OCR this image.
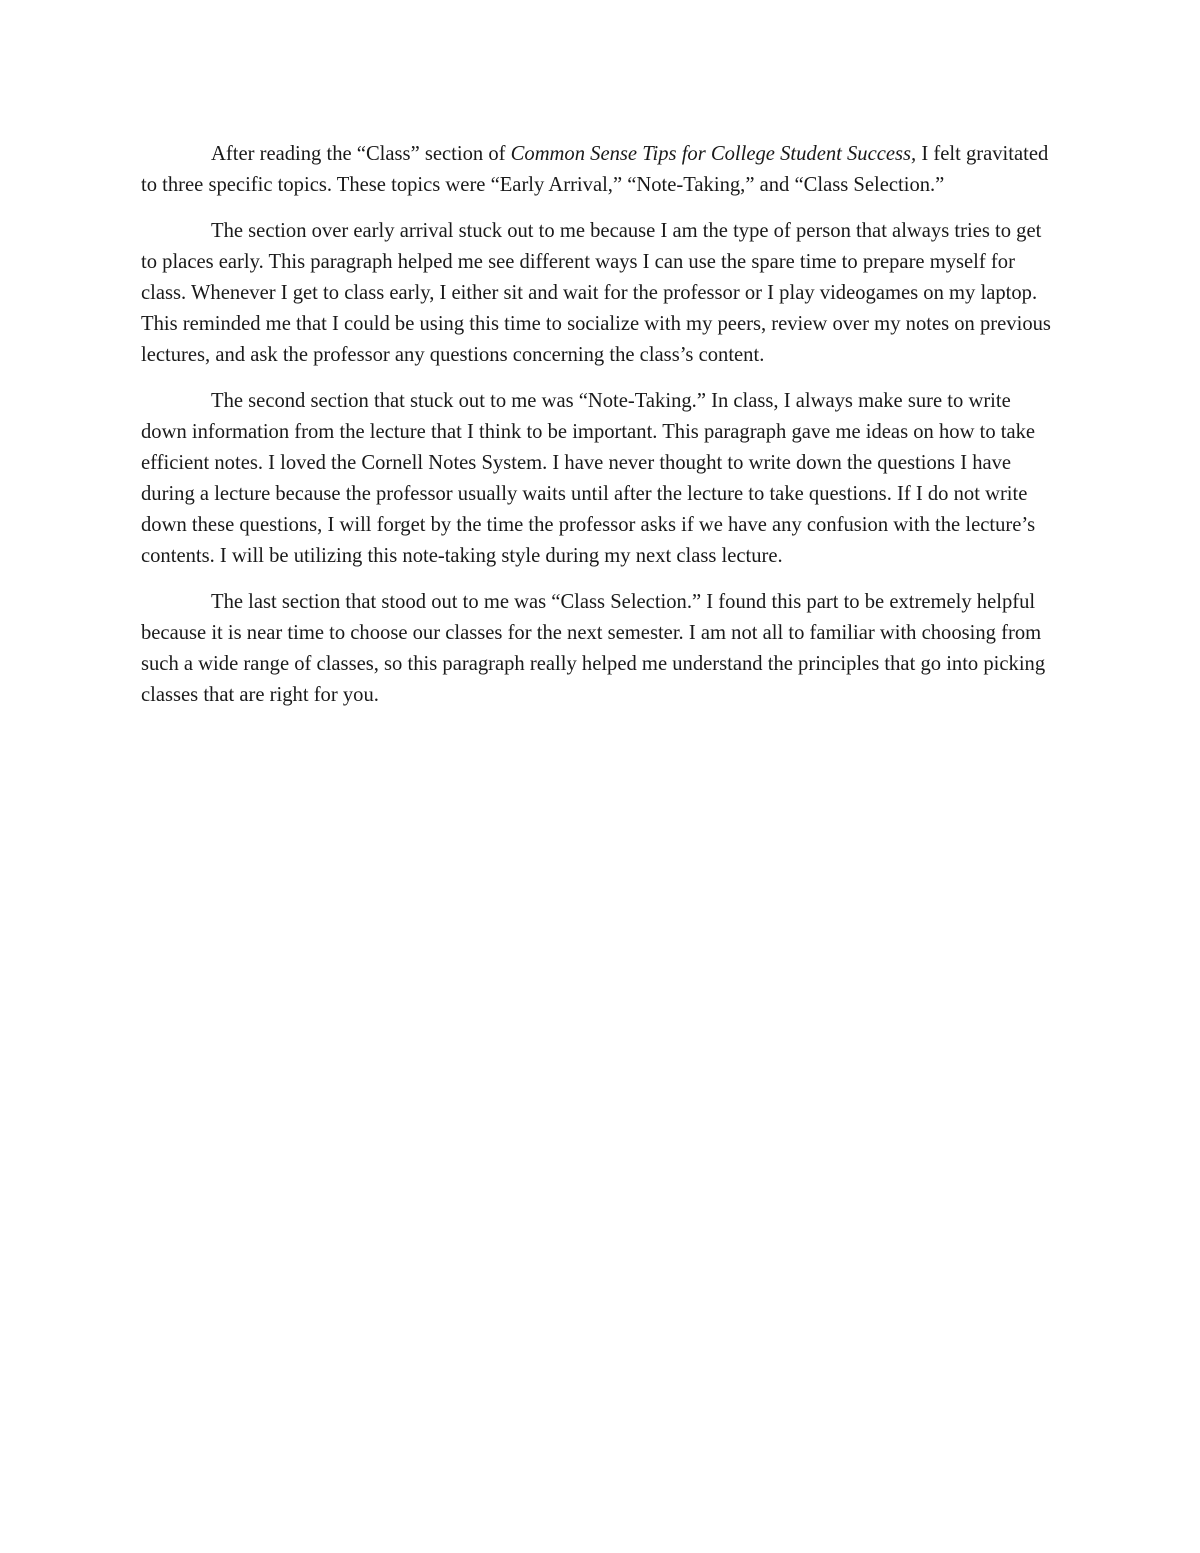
After reading the “Class” section of Common Sense Tips for College Student Success, I felt gravitated to three specific topics. These topics were “Early Arrival,” “Note-Taking,” and “Class Selection.”

The section over early arrival stuck out to me because I am the type of person that always tries to get to places early. This paragraph helped me see different ways I can use the spare time to prepare myself for class. Whenever I get to class early, I either sit and wait for the professor or I play videogames on my laptop. This reminded me that I could be using this time to socialize with my peers, review over my notes on previous lectures, and ask the professor any questions concerning the class’s content.

The second section that stuck out to me was “Note-Taking.” In class, I always make sure to write down information from the lecture that I think to be important. This paragraph gave me ideas on how to take efficient notes. I loved the Cornell Notes System. I have never thought to write down the questions I have during a lecture because the professor usually waits until after the lecture to take questions. If I do not write down these questions, I will forget by the time the professor asks if we have any confusion with the lecture’s contents. I will be utilizing this note-taking style during my next class lecture.

The last section that stood out to me was “Class Selection.” I found this part to be extremely helpful because it is near time to choose our classes for the next semester. I am not all to familiar with choosing from such a wide range of classes, so this paragraph really helped me understand the principles that go into picking classes that are right for you.
